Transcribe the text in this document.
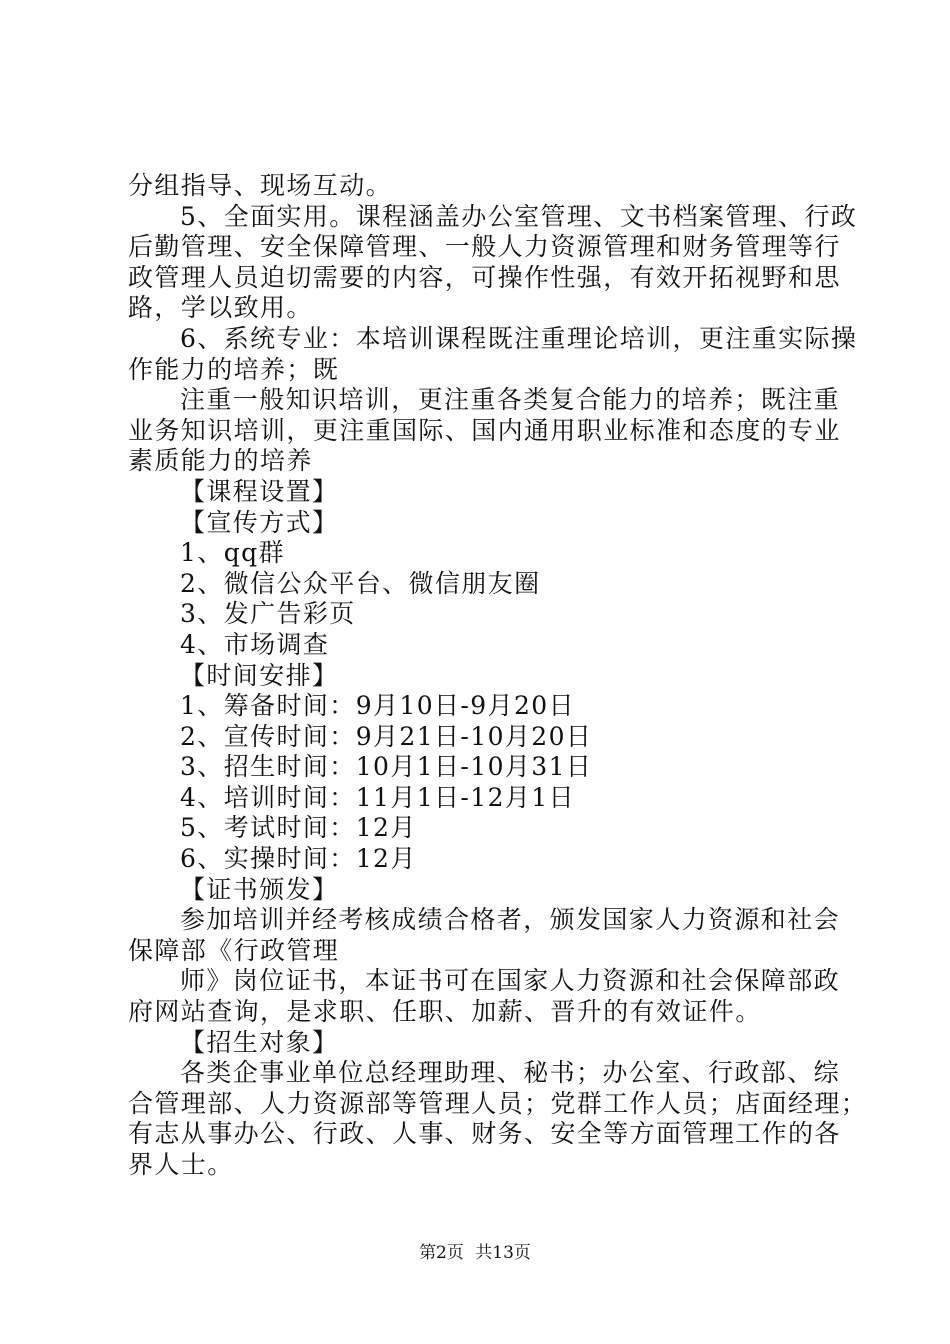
分组指导、现场互动。
5、全面实用。课程涵盖办公室管理、文书档案管理、行政
后勤管理、安全保障管理、一般人力资源管理和财务管理等行
政管理人员迫切需要的内容，可操作性强，有效开拓视野和思
路，学以致用。
6、系统专业：本培训课程既注重理论培训，更注重实际操
作能力的培养；既
注重一般知识培训，更注重各类复合能力的培养；既注重
业务知识培训，更注重国际、国内通用职业标准和态度的专业
素质能力的培养
【课程设置】
【宣传方式】
1、qq群
2、微信公众平台、微信朋友圈
3、发广告彩页
4、市场调查
【时间安排】
1、筹备时间：9月10日-9月20日
2、宣传时间：9月21日-10月20日
3、招生时间：10月1日-10月31日
4、培训时间：11月1日-12月1日
5、考试时间：12月
6、实操时间：12月
【证书颁发】
参加培训并经考核成绩合格者，颁发国家人力资源和社会
保障部《行政管理
师》岗位证书，本证书可在国家人力资源和社会保障部政
府网站查询，是求职、任职、加薪、晋升的有效证件。
【招生对象】
各类企事业单位总经理助理、秘书；办公室、行政部、综
合管理部、人力资源部等管理人员；党群工作人员；店面经理；
有志从事办公、行政、人事、财务、安全等方面管理工作的各
界人士。
第2页 共13页
